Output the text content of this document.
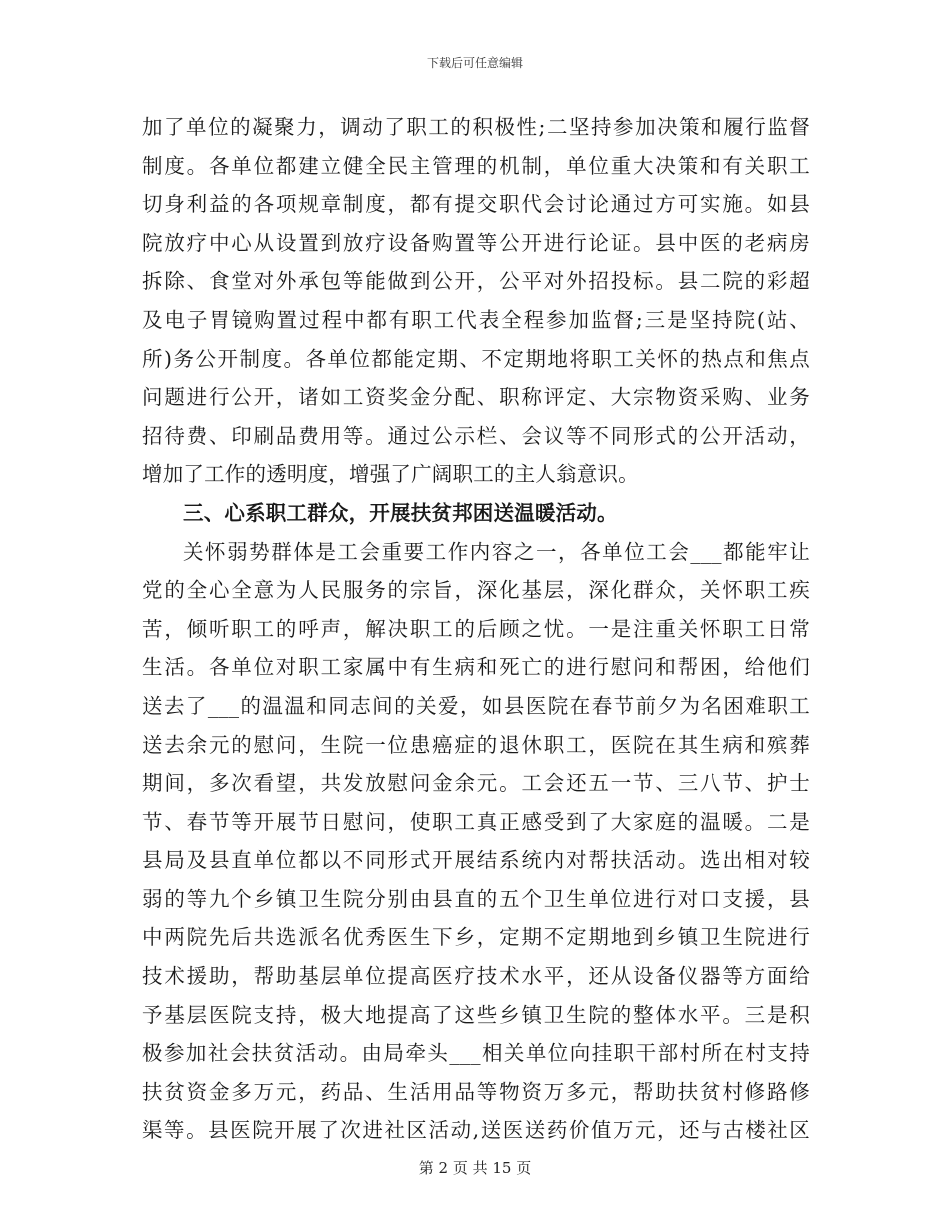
下载后可任意编辑
加了单位的凝聚力，调动了职工的积极性;二坚持参加决策和履行监督
制度。各单位都建立健全民主管理的机制，单位重大决策和有关职工
切身利益的各项规章制度，都有提交职代会讨论通过方可实施。如县
院放疗中心从设置到放疗设备购置等公开进行论证。县中医的老病房
拆除、食堂对外承包等能做到公开，公平对外招投标。县二院的彩超
及电子胃镜购置过程中都有职工代表全程参加监督;三是坚持院(站、
所)务公开制度。各单位都能定期、不定期地将职工关怀的热点和焦点
问题进行公开，诸如工资奖金分配、职称评定、大宗物资采购、业务
招待费、印刷品费用等。通过公示栏、会议等不同形式的公开活动，
增加了工作的透明度，增强了广阔职工的主人翁意识。
三、心系职工群众，开展扶贫邦困送温暖活动。
关怀弱势群体是工会重要工作内容之一，各单位工会___都能牢让
党的全心全意为人民服务的宗旨，深化基层，深化群众，关怀职工疾
苦，倾听职工的呼声，解决职工的后顾之忧。一是注重关怀职工日常
生活。各单位对职工家属中有生病和死亡的进行慰问和帮困，给他们
送去了___的温温和同志间的关爱，如县医院在春节前夕为名困难职工
送去余元的慰问，生院一位患癌症的退休职工，医院在其生病和殡葬
期间，多次看望，共发放慰问金余元。工会还五一节、三八节、护士
节、春节等开展节日慰问，使职工真正感受到了大家庭的温暖。二是
县局及县直单位都以不同形式开展结系统内对帮扶活动。选出相对较
弱的等九个乡镇卫生院分别由县直的五个卫生单位进行对口支援，县
中两院先后共选派名优秀医生下乡，定期不定期地到乡镇卫生院进行
技术援助，帮助基层单位提高医疗技术水平，还从设备仪器等方面给
予基层医院支持，极大地提高了这些乡镇卫生院的整体水平。三是积
极参加社会扶贫活动。由局牵头___相关单位向挂职干部村所在村支持
扶贫资金多万元，药品、生活用品等物资万多元，帮助扶贫村修路修
渠等。县医院开展了次进社区活动,送医送药价值万元，还与古楼社区
第 2 页 共 15 页
